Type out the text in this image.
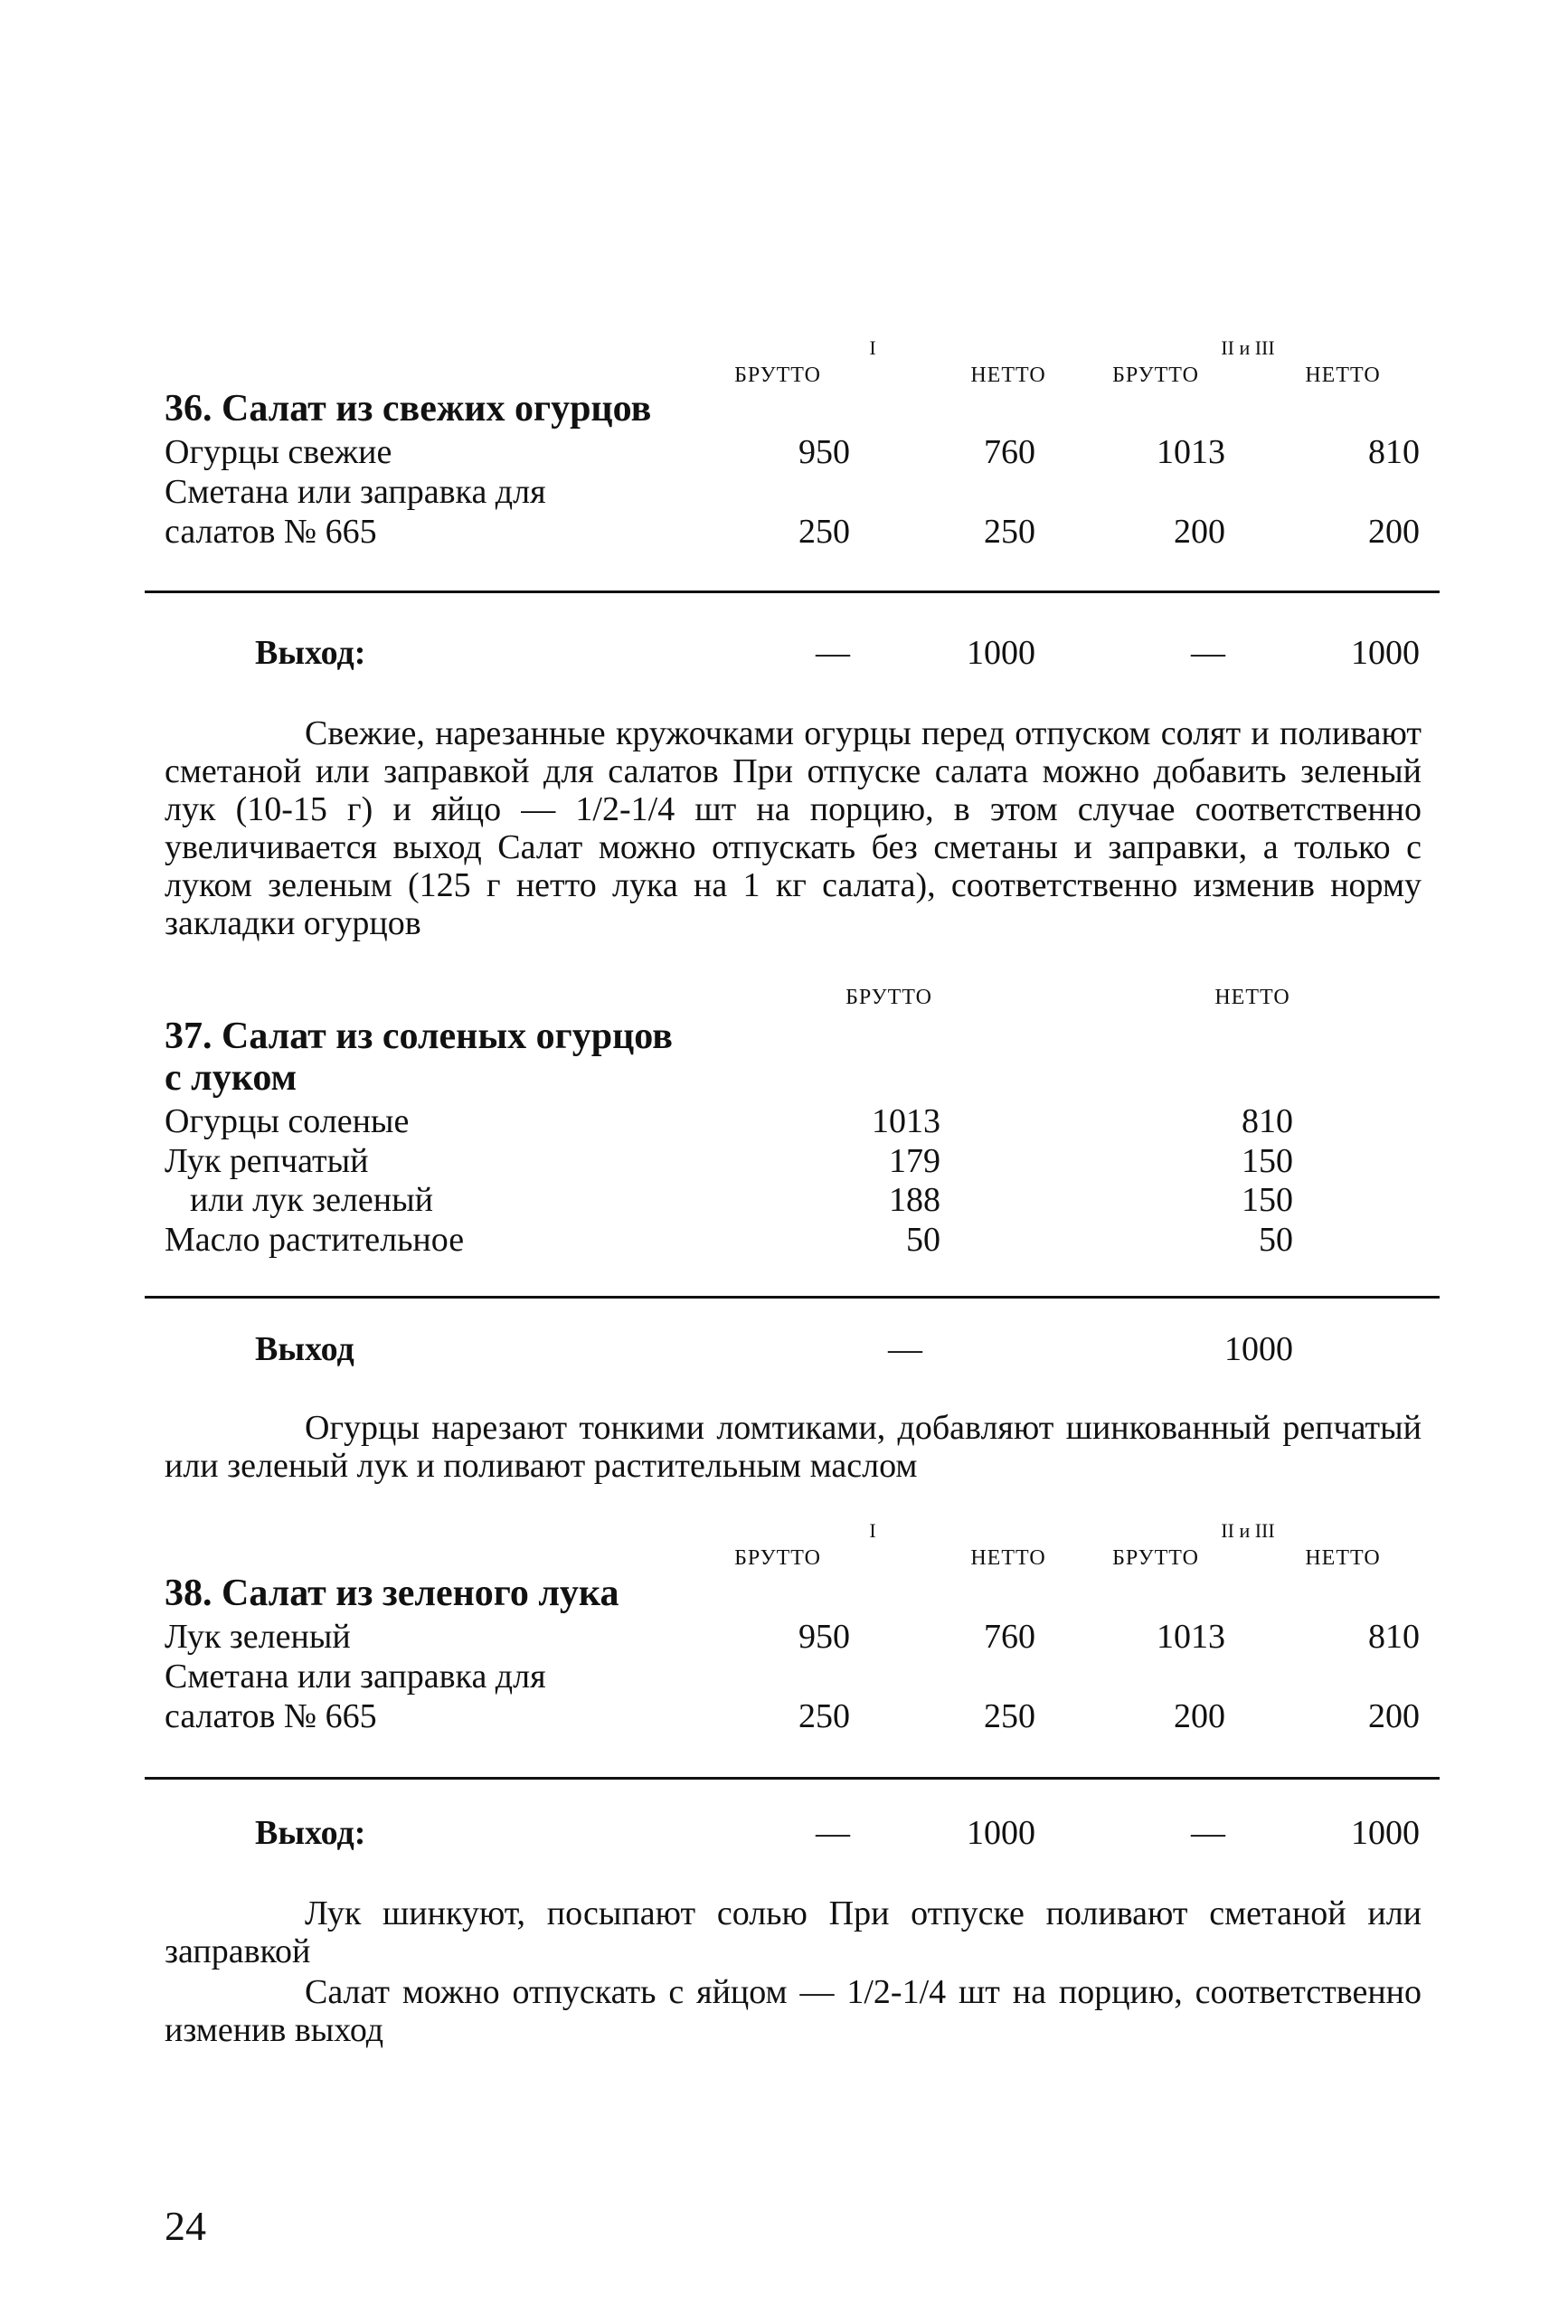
I	II и III
БРУТТО	НЕТТО	БРУТТО	НЕТТО
36. Салат из свежих огурцов
Огурцы свежие	950	760	1013	810
Сметана или заправка для
салатов № 665	250	250	200	200
Выход:	—	1000	—	1000
Свежие, нарезанные кружочками огурцы перед отпуском солят и поливают сметаной или заправкой для салатов При отпуске салата можно добавить зеленый лук (10-15 г) и яйцо — 1/2-1/4 шт на порцию, в этом случае соответственно увеличивается выход Салат можно отпускать без сметаны и заправки, а только с луком зеленым (125 г нетто лука на 1 кг салата), соответственно изменив норму закладки огурцов
БРУТТО	НЕТТО
37. Салат из соленых огурцов
с луком
Огурцы соленые	1013	810
Лук репчатый	179	150
или лук зеленый	188	150
Масло растительное	50	50
Выход	—	1000
Огурцы нарезают тонкими ломтиками, добавляют шинкованный репчатый или зеленый лук и поливают растительным маслом
I	II и III
БРУТТО	НЕТТО	БРУТТО	НЕТТО
38. Салат из зеленого лука
Лук зеленый	950	760	1013	810
Сметана или заправка для
салатов № 665	250	250	200	200
Выход:	—	1000	—	1000
Лук шинкуют, посыпают солью При отпуске поливают сметаной или заправкой
Салат можно отпускать с яйцом — 1/2-1/4 шт на порцию, соответственно изменив выход
24
